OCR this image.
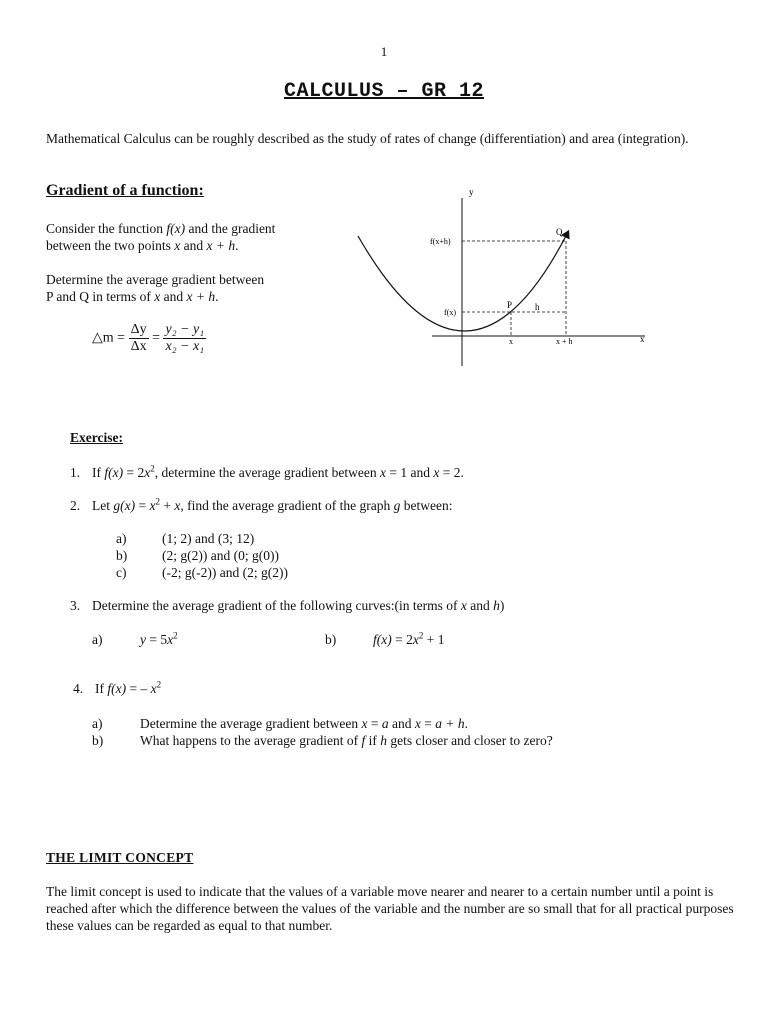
1
CALCULUS – GR 12
Mathematical Calculus can be roughly described as the study of rates of change (differentiation) and area (integration).
Gradient of a function:
Consider the function f(x) and the gradient
between the two points x and x + h.
Determine the average gradient between
P and Q in terms of x and x + h.
△m = $\frac{\Delta y}{\Delta x} = \frac{\text{y₂ − y₁}}{\text{x₂ − x₁}}$
y
x
Q
P	h
f(x+h)
f(x)
x	x + h
Exercise:
1. If $f(x) = 2x^2$, determine the average gradient between x = 1 and x = 2.
2. Let $g(x) = x^2 + x$, find the average gradient of the graph g between:
a)	(1; 2) and (3; 12)
b)	(2; g(2)) and (0; g(0))
c)	(-2; g(-2)) and (2; g(2))
3. Determine the average gradient of the following curves:(in terms of x and h)
a)	$y = 5x^2$	b)	$f(x) = 2x^2 + 1$
4. If f(x) = – $x^2$
a)	Determine the average gradient between x = a and x = a + h.
b)	What happens to the average gradient of f if h gets closer and closer to zero?
THE LIMIT CONCEPT
The limit concept is used to indicate that the values of a variable move nearer and nearer to a certain number until a point is reached after which the difference between the values of the variable and the number are so small that for all practical purposes these values can be regarded as equal to that number.
